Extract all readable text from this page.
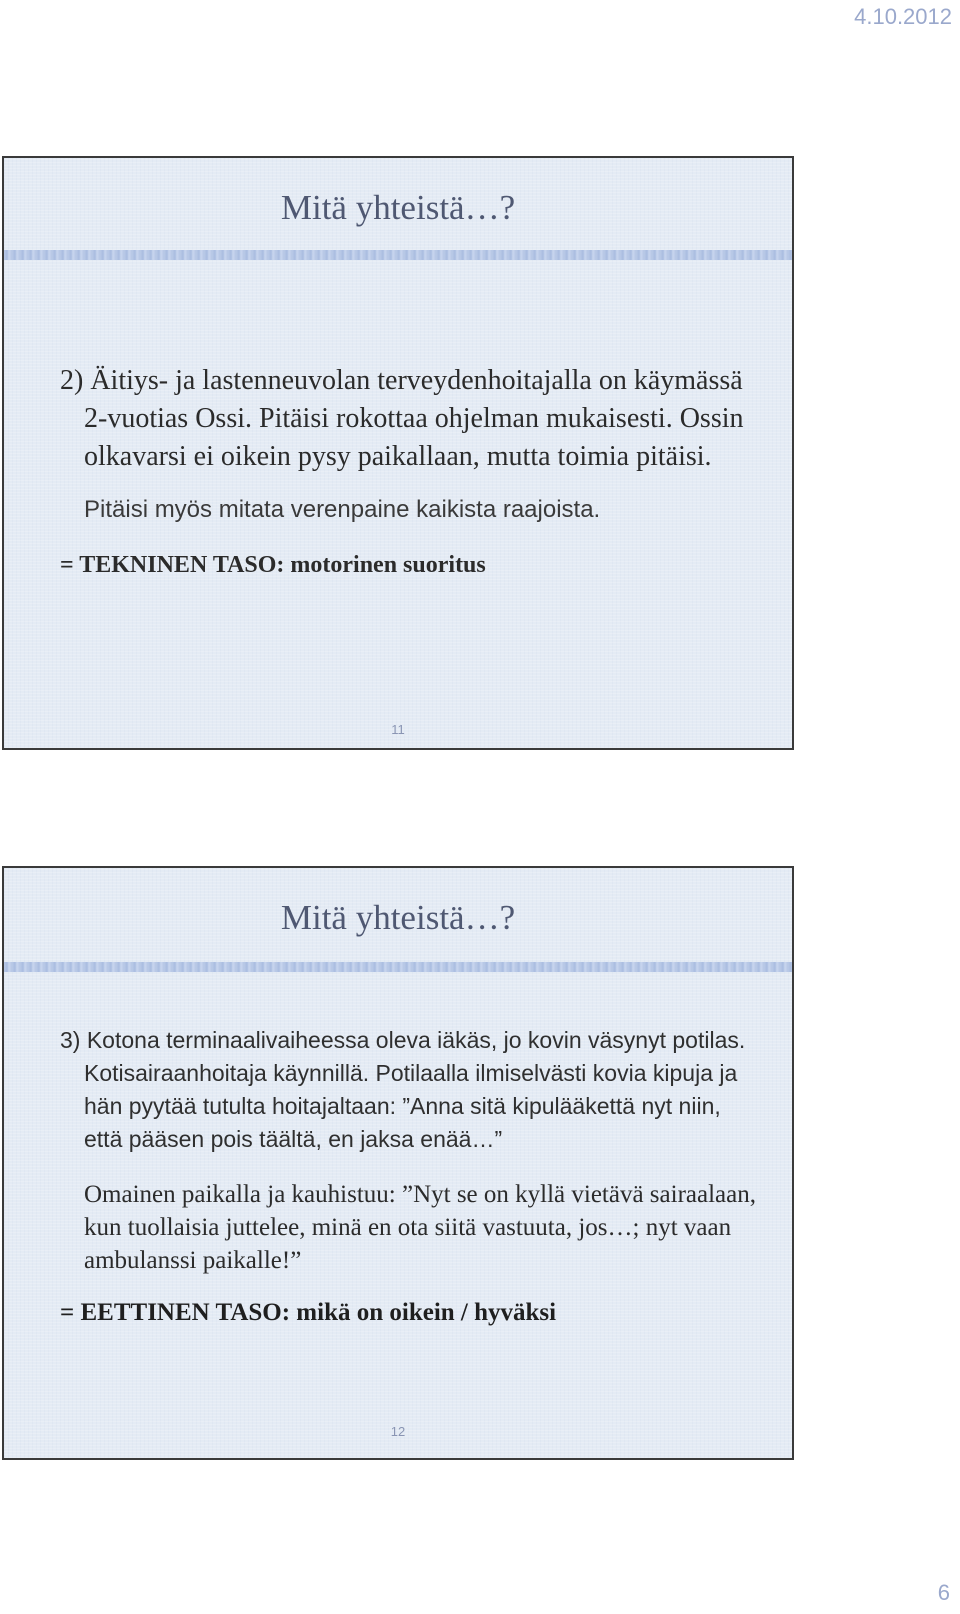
4.10.2012
Mitä yhteistä…?

2) Äitiys- ja lastenneuvolan terveydenhoitajalla on käymässä 2-vuotias Ossi. Pitäisi rokottaa ohjelman mukaisesti. Ossin olkavarsi ei oikein pysy paikallaan, mutta toimia pitäisi.

Pitäisi myös mitata verenpaine kaikista raajoista.

= TEKNINEN TASO: motorinen suoritus

11
Mitä yhteistä…?

3) Kotona terminaalivaiheessa oleva iäkäs, jo kovin väsynyt potilas. Kotisairaanhoitaja käynnillä. Potilaalla ilmiselvästi kovia kipuja ja hän pyytää tutulta hoitajaltaan: ”Anna sitä kipulääkettä nyt niin, että pääsen pois täältä, en jaksa enää…”

Omainen paikalla ja kauhistuu: ”Nyt se on kyllä vietävä sairaalaan, kun tuollaisia juttelee, minä en ota siitä vastuuta, jos…; nyt vaan ambulanssi paikalle!”

= EETTINEN TASO: mikä on oikein / hyväksi

12
6
